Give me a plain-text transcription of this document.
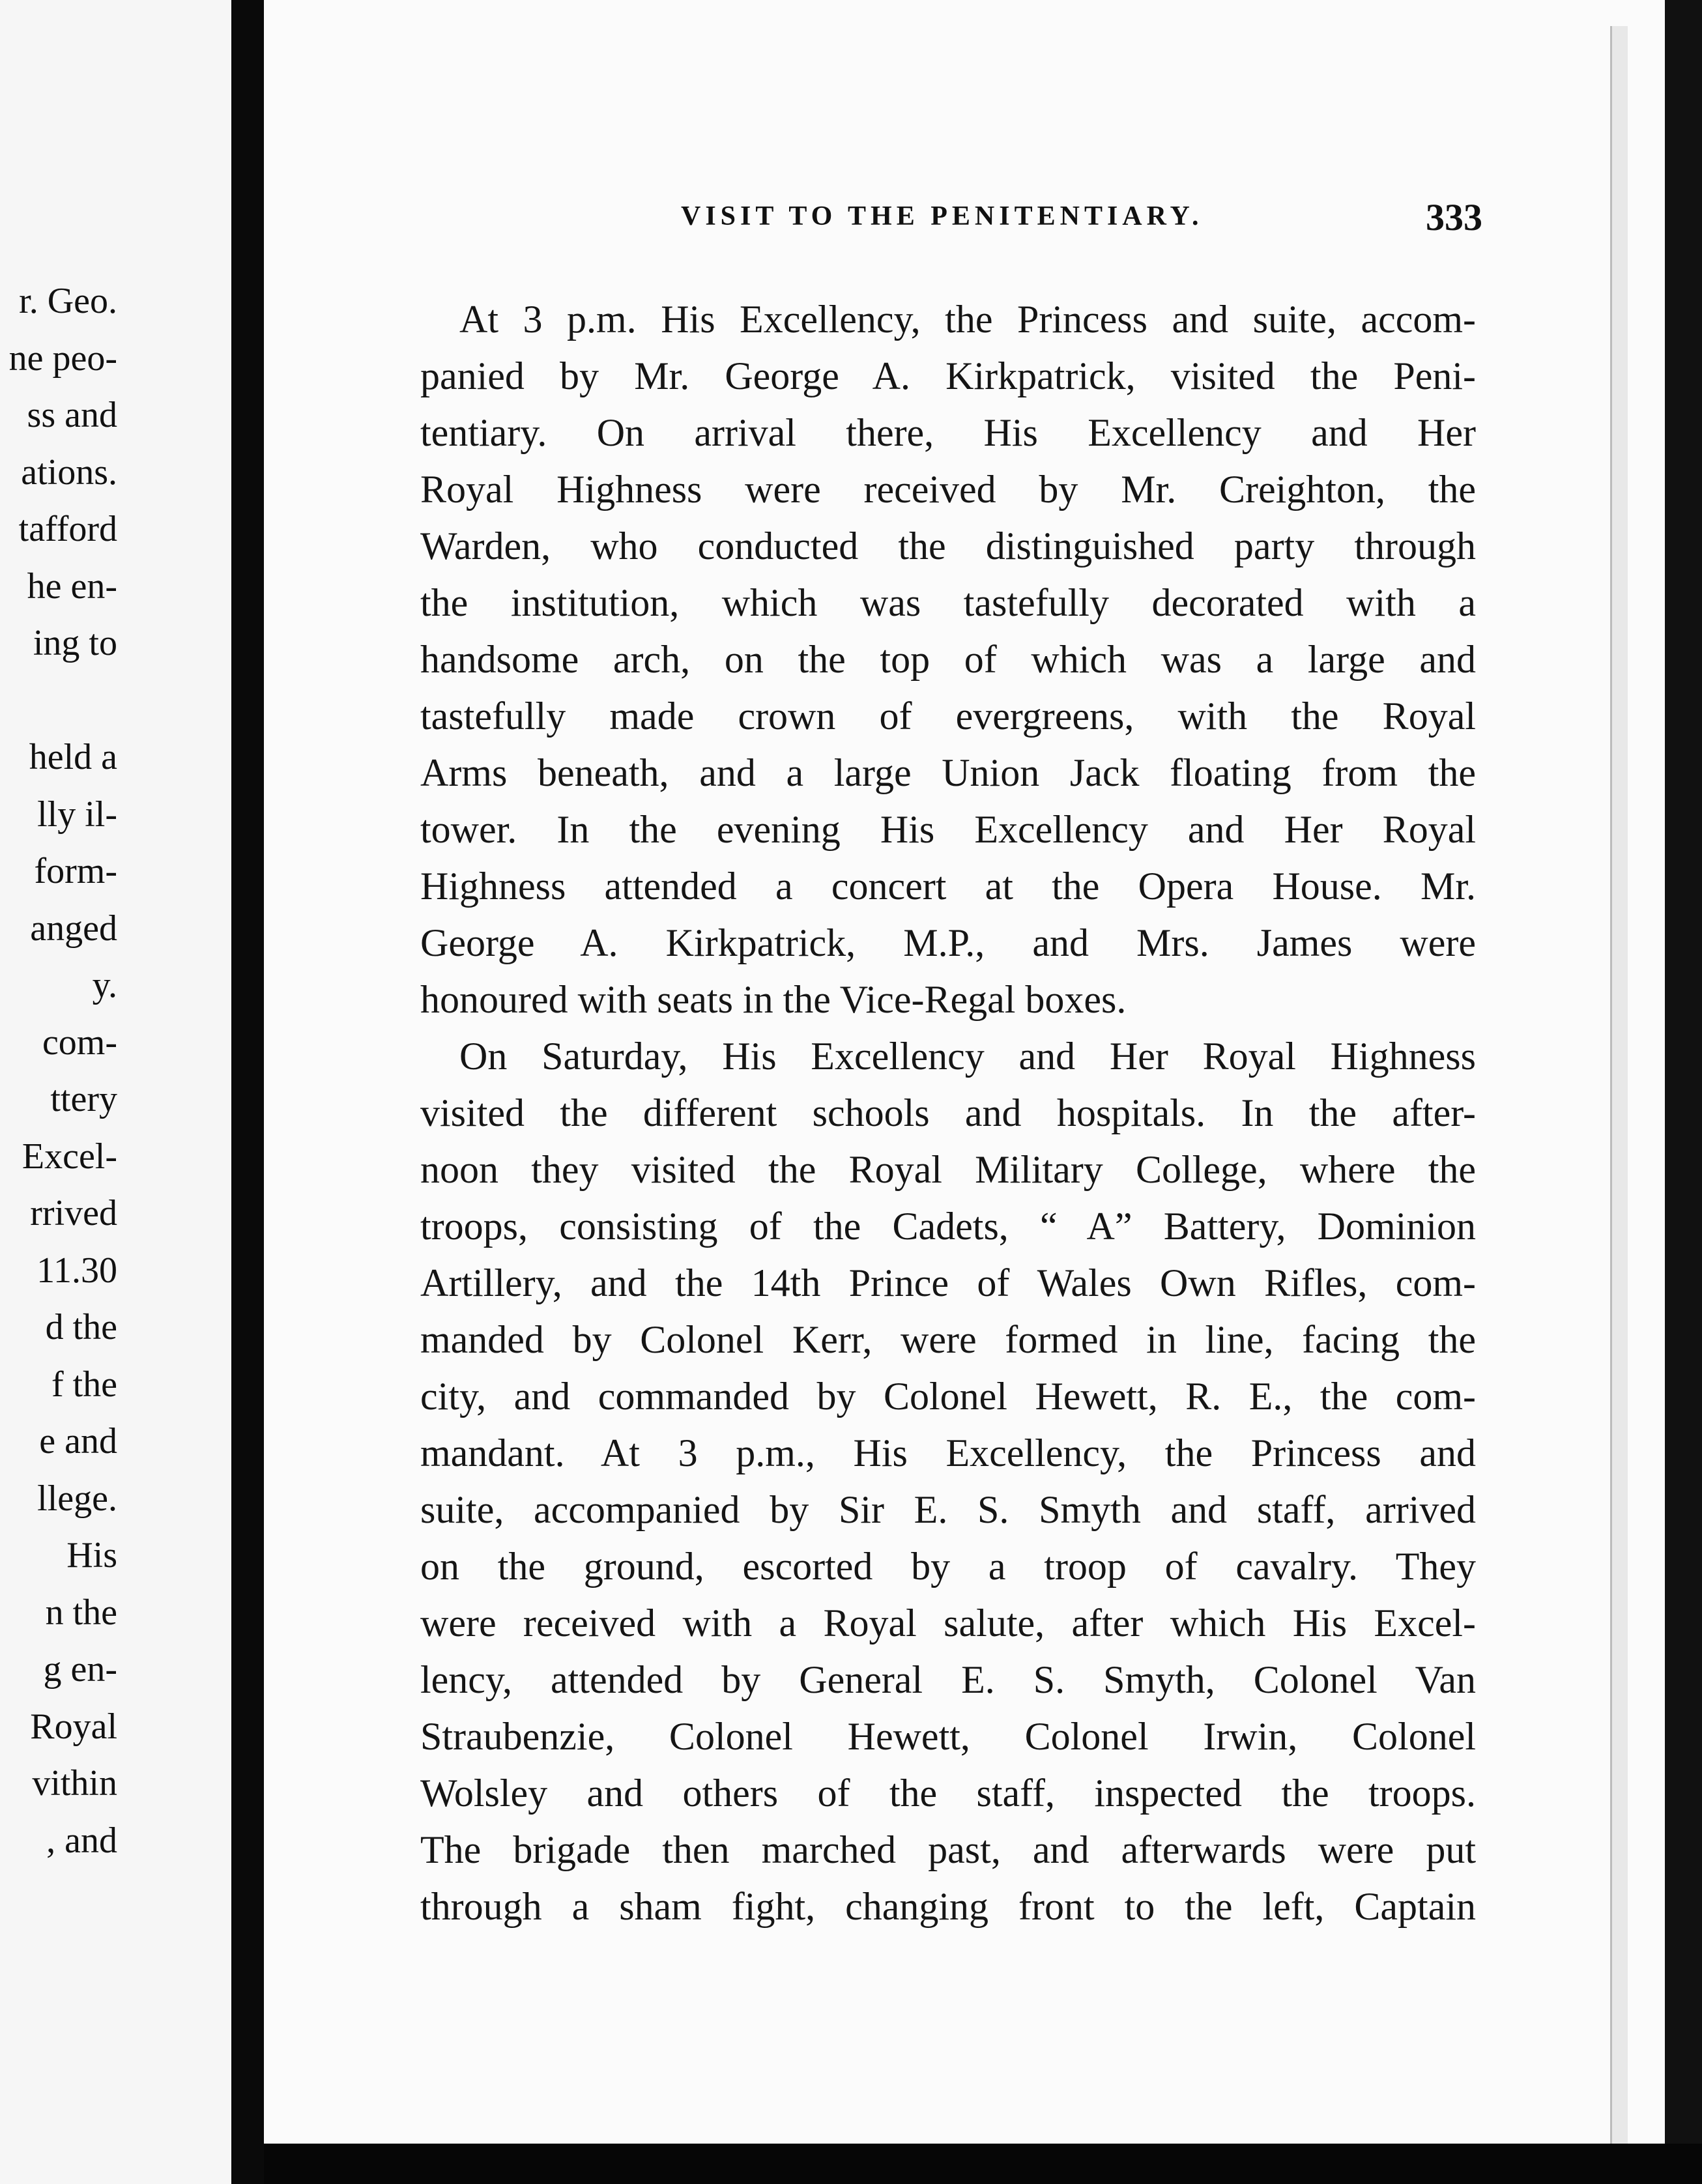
r. Geo.
ne peo-
ss and
ations.
tafford
he en-
ing to
held a
lly il-
form-
anged
y.
com-
ttery
Excel-
rrived
11.30
d the
f the
e and
llege.
His
n the
g en-
Royal
vithin
, and
VISIT TO THE PENITENTIARY.	333
At 3 p.m. His Excellency, the Princess and suite, accom-
panied by Mr. George A. Kirkpatrick, visited the Peni-
tentiary. On arrival there, His Excellency and Her
Royal Highness were received by Mr. Creighton, the
Warden, who conducted the distinguished party through
the institution, which was tastefully decorated with a
handsome arch, on the top of which was a large and
tastefully made crown of evergreens, with the Royal
Arms beneath, and a large Union Jack floating from the
tower. In the evening His Excellency and Her Royal
Highness attended a concert at the Opera House. Mr.
George A. Kirkpatrick, M.P., and Mrs. James were
honoured with seats in the Vice-Regal boxes.
On Saturday, His Excellency and Her Royal Highness
visited the different schools and hospitals. In the after-
noon they visited the Royal Military College, where the
troops, consisting of the Cadets, “ A” Battery, Dominion
Artillery, and the 14th Prince of Wales Own Rifles, com-
manded by Colonel Kerr, were formed in line, facing the
city, and commanded by Colonel Hewett, R. E., the com-
mandant. At 3 p.m., His Excellency, the Princess and
suite, accompanied by Sir E. S. Smyth and staff, arrived
on the ground, escorted by a troop of cavalry. They
were received with a Royal salute, after which His Excel-
lency, attended by General E. S. Smyth, Colonel Van
Straubenzie, Colonel Hewett, Colonel Irwin, Colonel
Wolsley and others of the staff, inspected the troops.
The brigade then marched past, and afterwards were put
through a sham fight, changing front to the left, Captain
